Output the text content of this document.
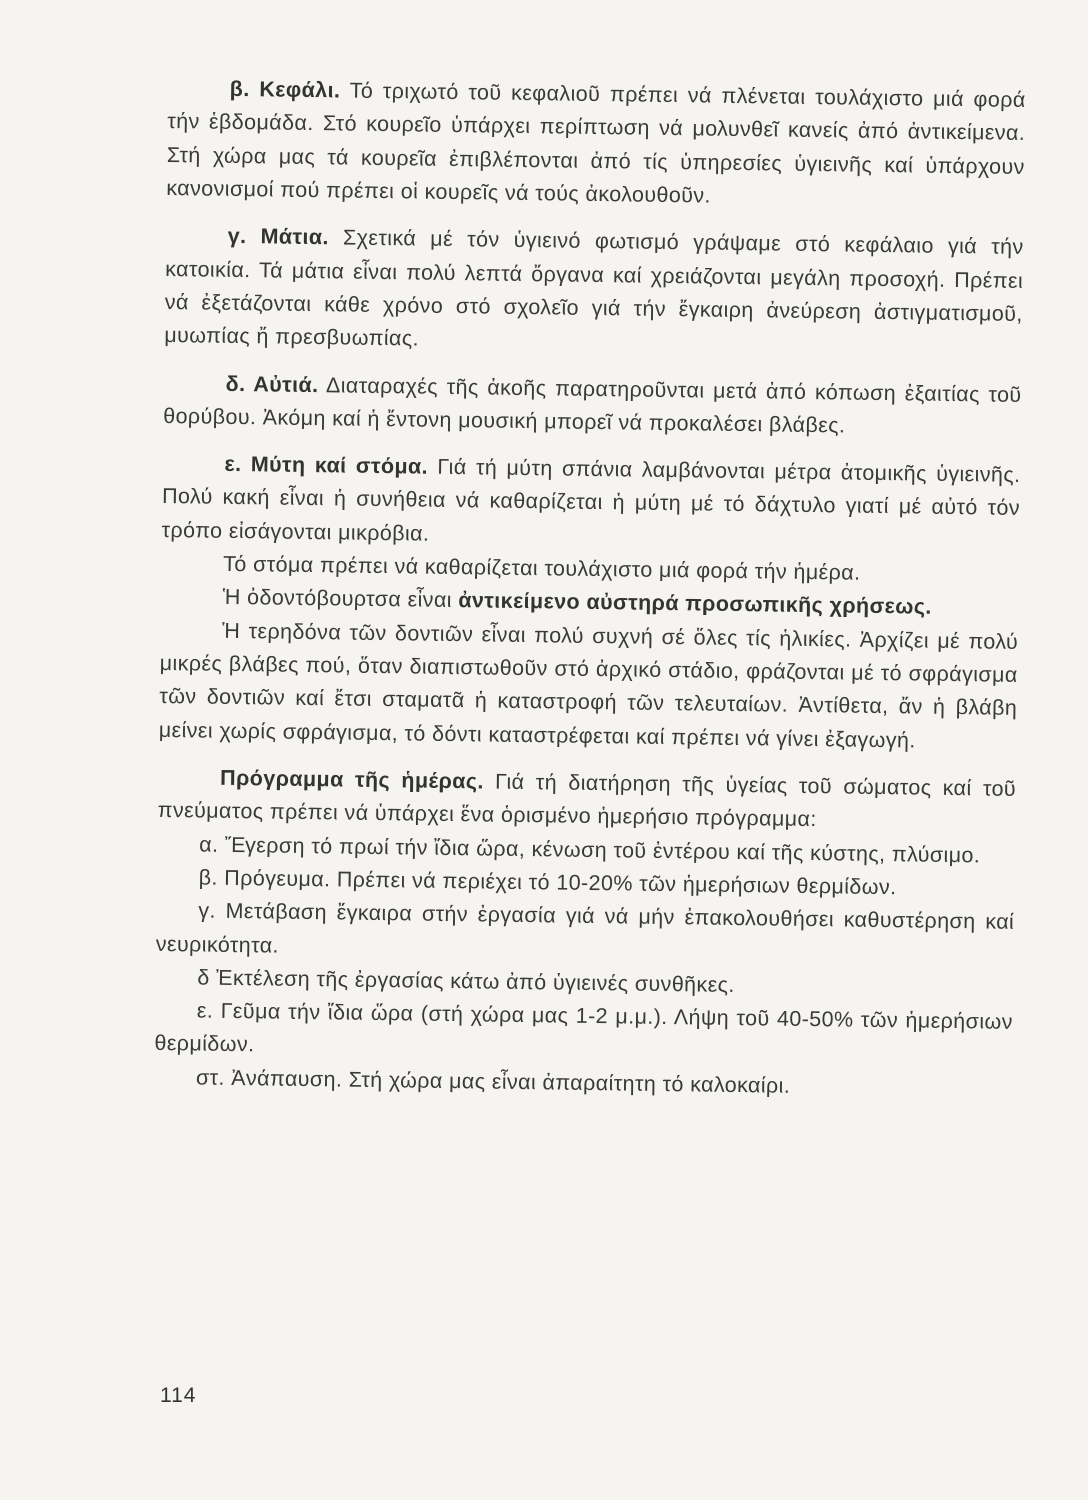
β. Κεφάλι. Τό τριχωτό τοῦ κεφαλιοῦ πρέπει νά πλένεται τουλάχιστο μιά φορά τήν ἑβδομάδα. Στό κουρεῖο ὑπάρχει περίπτωση νά μολυνθεῖ κανείς ἀπό ἀντικείμενα. Στή χώρα μας τά κουρεῖα ἐπιβλέπονται ἀπό τίς ὑπηρεσίες ὑγιεινῆς καί ὑπάρχουν κανονισμοί πού πρέπει οἱ κουρεῖς νά τούς ἀκολουθοῦν.

γ. Μάτια. Σχετικά μέ τόν ὑγιεινό φωτισμό γράψαμε στό κεφάλαιο γιά τήν κατοικία. Τά μάτια εἶναι πολύ λεπτά ὄργανα καί χρειάζονται μεγάλη προσοχή. Πρέπει νά ἐξετάζονται κάθε χρόνο στό σχολεῖο γιά τήν ἔγκαιρη ἀνεύρεση ἀστιγματισμοῦ, μυωπίας ἤ πρεσβυωπίας.

δ. Αὐτιά. Διαταραχές τῆς ἀκοῆς παρατηροῦνται μετά ἀπό κόπωση ἐξαιτίας τοῦ θορύβου. Ἀκόμη καί ἡ ἔντονη μουσική μπορεῖ νά προκαλέσει βλάβες.

ε. Μύτη καί στόμα. Γιά τή μύτη σπάνια λαμβάνονται μέτρα ἀτομικῆς ὑγιεινῆς. Πολύ κακή εἶναι ἡ συνήθεια νά καθαρίζεται ἡ μύτη μέ τό δάχτυλο γιατί μέ αὐτό τόν τρόπο εἰσάγονται μικρόβια.

Τό στόμα πρέπει νά καθαρίζεται τουλάχιστο μιά φορά τήν ἡμέρα.

Ἡ ὀδοντόβουρτσα εἶναι ἀντικείμενο αὐστηρά προσωπικῆς χρήσεως.

Ἡ τερηδόνα τῶν δοντιῶν εἶναι πολύ συχνή σέ ὅλες τίς ἡλικίες. Ἀρχίζει μέ πολύ μικρές βλάβες πού, ὅταν διαπιστωθοῦν στό ἀρχικό στάδιο, φράζονται μέ τό σφράγισμα τῶν δοντιῶν καί ἔτσι σταματᾶ ἡ καταστροφή τῶν τελευταίων. Ἀντίθετα, ἄν ἡ βλάβη μείνει χωρίς σφράγισμα, τό δόντι καταστρέφεται καί πρέπει νά γίνει ἐξαγωγή.

Πρόγραμμα τῆς ἡμέρας. Γιά τή διατήρηση τῆς ὑγείας τοῦ σώματος καί τοῦ πνεύματος πρέπει νά ὑπάρχει ἕνα ὁρισμένο ἡμερήσιο πρόγραμμα:

α. Ἔγερση τό πρωί τήν ἴδια ὥρα, κένωση τοῦ ἐντέρου καί τῆς κύστης, πλύσιμο.

β. Πρόγευμα. Πρέπει νά περιέχει τό 10-20% τῶν ἡμερήσιων θερμίδων.

γ. Μετάβαση ἔγκαιρα στήν ἐργασία γιά νά μήν ἐπακολουθήσει καθυστέρηση καί νευρικότητα.

δ Ἐκτέλεση τῆς ἐργασίας κάτω ἀπό ὑγιεινές συνθῆκες.

ε. Γεῦμα τήν ἴδια ὥρα (στή χώρα μας 1-2 μ.μ.). Λήψη τοῦ 40-50% τῶν ἡμερήσιων θερμίδων.

στ. Ἀνάπαυση. Στή χώρα μας εἶναι ἀπαραίτητη τό καλοκαίρι.

114
